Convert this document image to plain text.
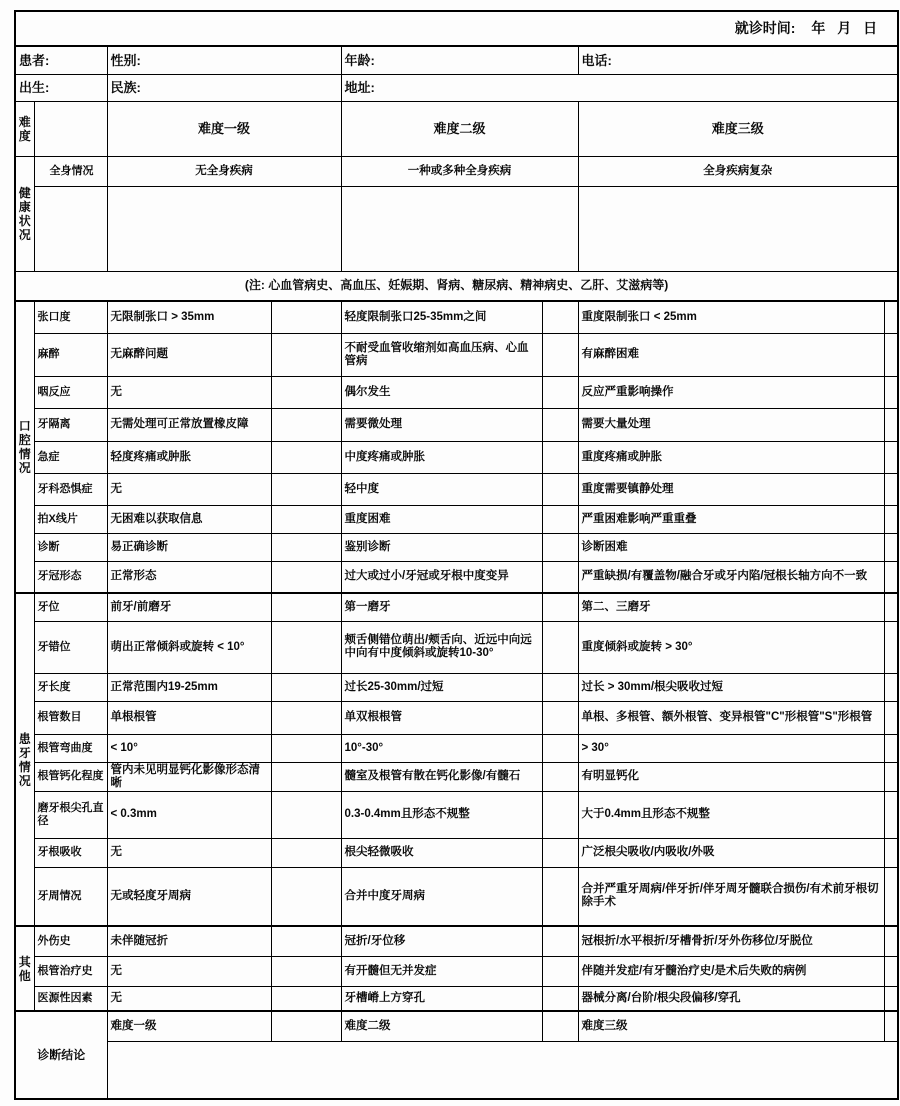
就诊时间: 年 月 日							
患者:		性别:		年龄:		电话:	
出生:		民族:		地址:			
难度		难度一级		难度二级		难度三级	
健康状况	全身情况	无全身疾病		一种或多种全身疾病		全身疾病复杂	

(注: 心血管病史、高血压、妊娠期、肾病、糖尿病、精神病史、乙肝、艾滋病等)							
口腔情况	张口度	无限制张口 > 35mm		轻度限制张口25-35mm之间		重度限制张口 < 25mm	
	麻醉	无麻醉问题		不耐受血管收缩剂如高血压病、心血管病		有麻醉困难	
	咽反应	无		偶尔发生		反应严重影响操作	
	牙隔离	无需处理可正常放置橡皮障		需要微处理		需要大量处理	
	急症	轻度疼痛或肿胀		中度疼痛或肿胀		重度疼痛或肿胀	
	牙科恐惧症	无		轻中度		重度需要镇静处理	
	拍X线片	无困难以获取信息		重度困难		严重困难影响严重重叠	
	诊断	易正确诊断		鉴别诊断		诊断困难	
	牙冠形态	正常形态		过大或过小/牙冠或牙根中度变异		严重缺损/有覆盖物/融合牙或牙内陷/冠根长轴方向不一致	
患牙情况	牙位	前牙/前磨牙		第一磨牙		第二、三磨牙	
	牙错位	萌出正常倾斜或旋转 < 10°		颊舌侧错位萌出/颊舌向、近远中向远中向有中度倾斜或旋转10-30°		重度倾斜或旋转 > 30°	
	牙长度	正常范围内19-25mm		过长25-30mm/过短		过长 > 30mm/根尖吸收过短	
	根管数目	单根根管		单双根根管		单根、多根管、额外根管、变异根管"C"形根管"S"形根管	
	根管弯曲度	< 10°		10°-30°		> 30°	
	根管钙化程度	管内未见明显钙化影像形态清晰		髓室及根管有散在钙化影像/有髓石		有明显钙化	
	磨牙根尖孔直径	< 0.3mm		0.3-0.4mm且形态不规整		大于0.4mm且形态不规整	
	牙根吸收	无		根尖轻微吸收		广泛根尖吸收/内吸收/外吸	
	牙周情况	无或轻度牙周病		合并中度牙周病		合并严重牙周病/伴牙折/伴牙周牙髓联合损伤/有术前牙根切除手术	
其他	外伤史	未伴随冠折		冠折/牙位移		冠根折/水平根折/牙槽骨折/牙外伤移位/牙脱位	
	根管治疗史	无		有开髓但无并发症		伴随并发症/有牙髓治疗史/是术后失败的病例	
	医源性因素	无		牙槽嵴上方穿孔		器械分离/台阶/根尖段偏移/穿孔	
诊断结论		难度一级		难度二级		难度三级	
